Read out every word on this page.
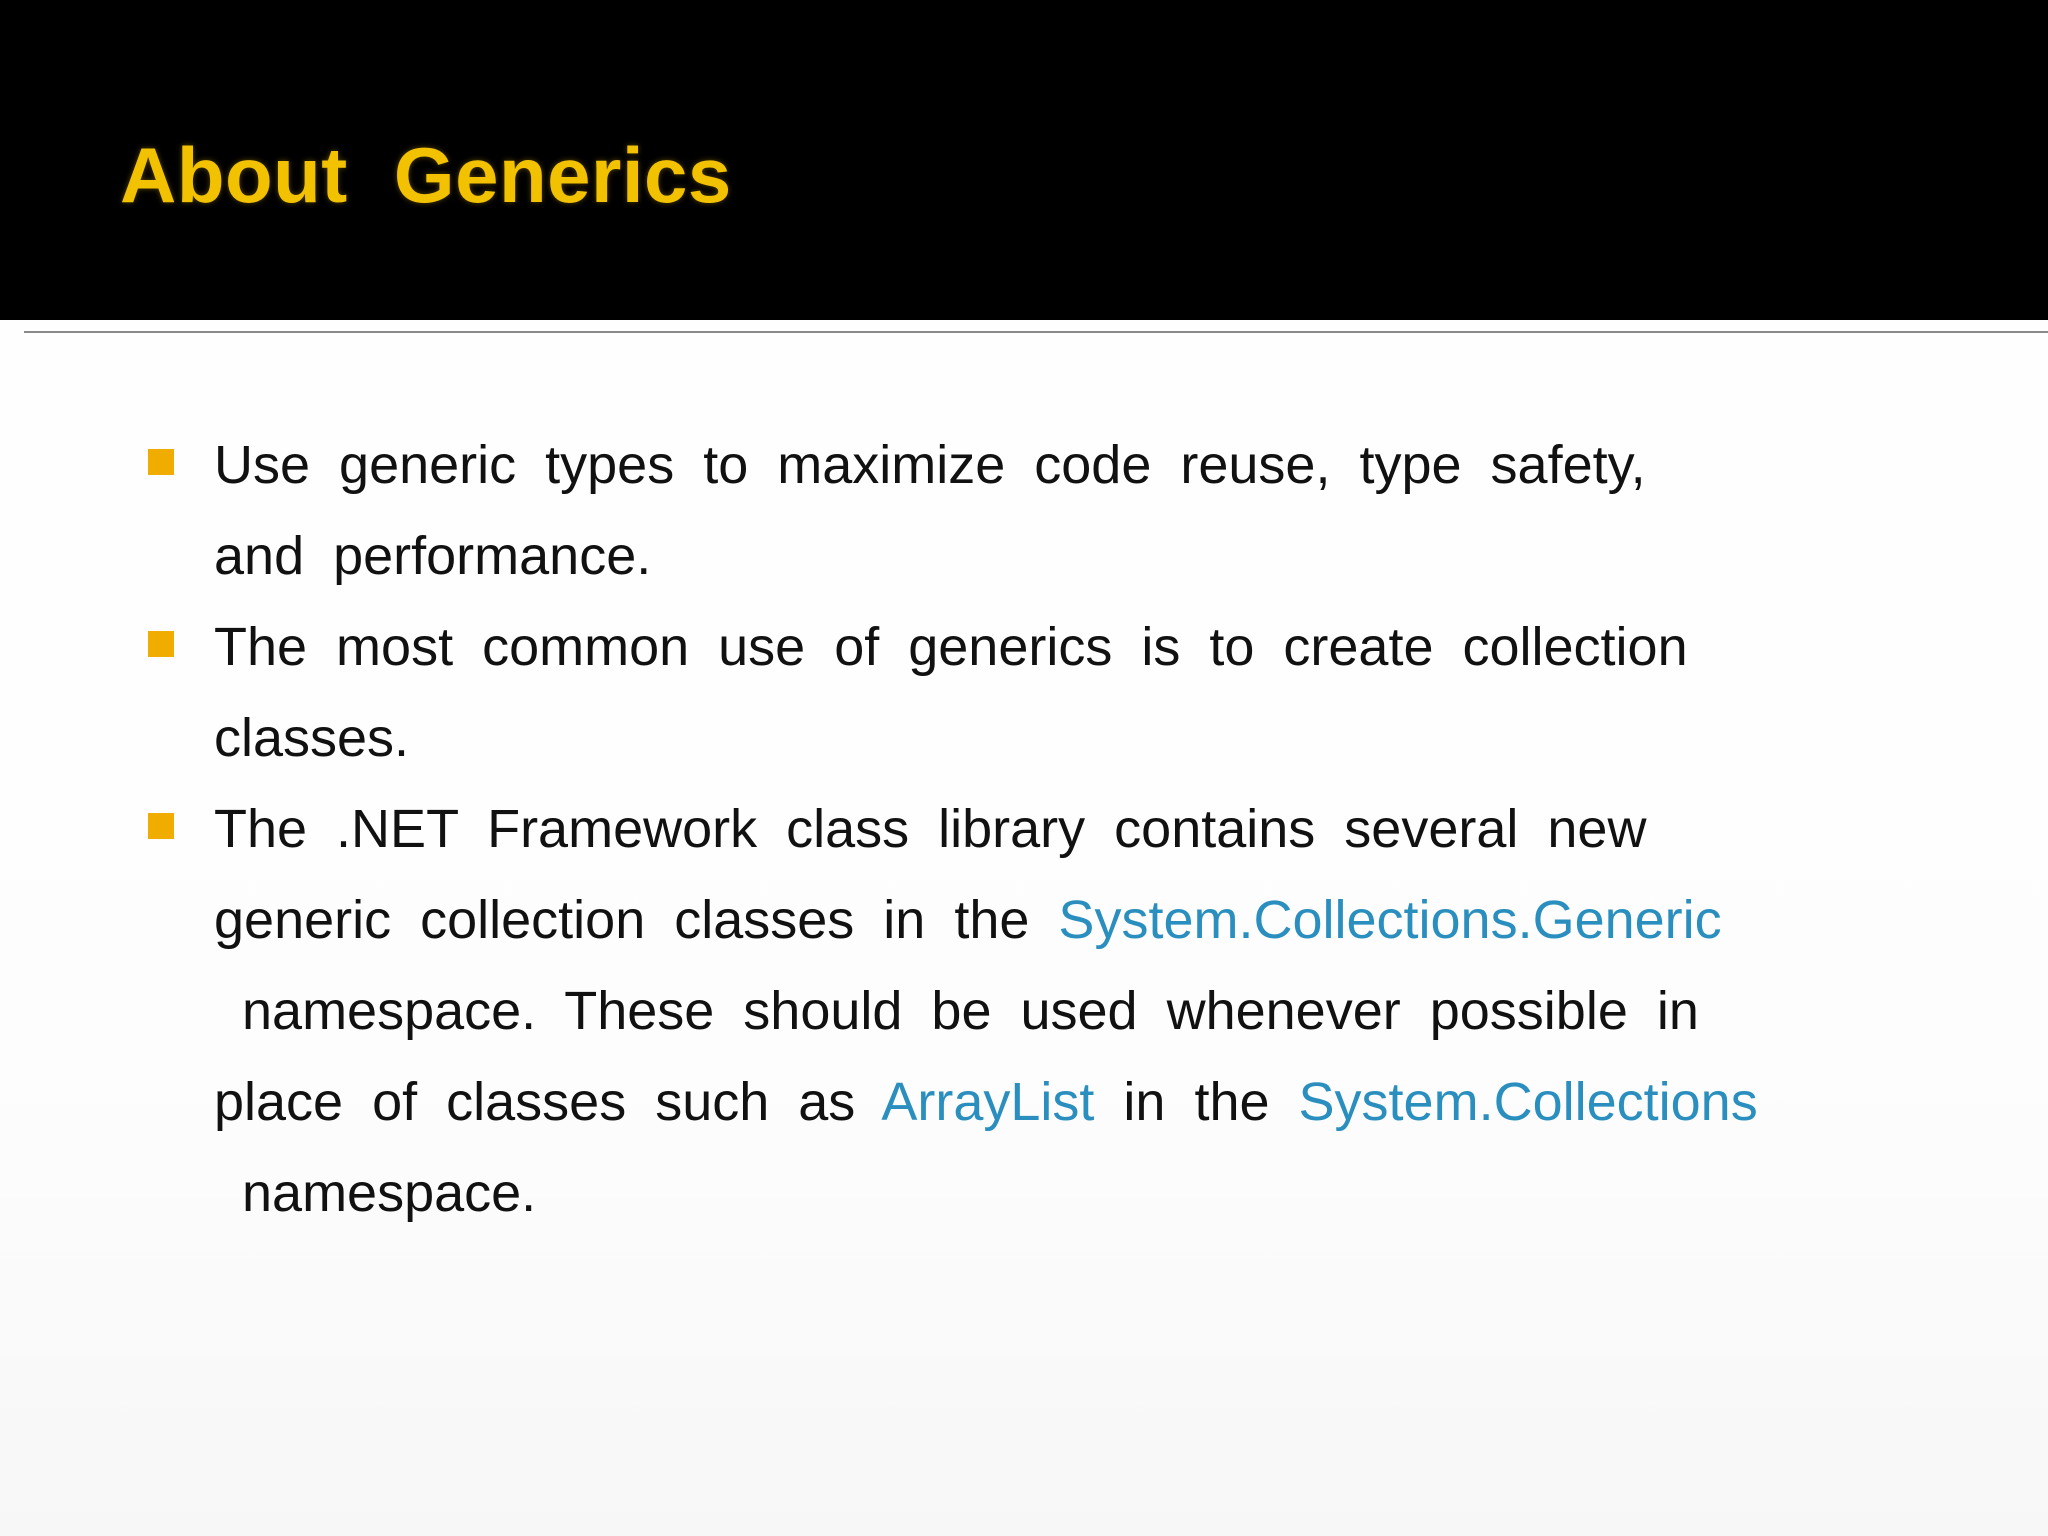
About Generics
Use generic types to maximize code reuse, type safety,
and performance.
The most common use of generics is to create collection
classes.
The .NET Framework class library contains several new
generic collection classes in the System.Collections.Generic
namespace. These should be used whenever possible in
place of classes such as ArrayList in the System.Collections
namespace.
